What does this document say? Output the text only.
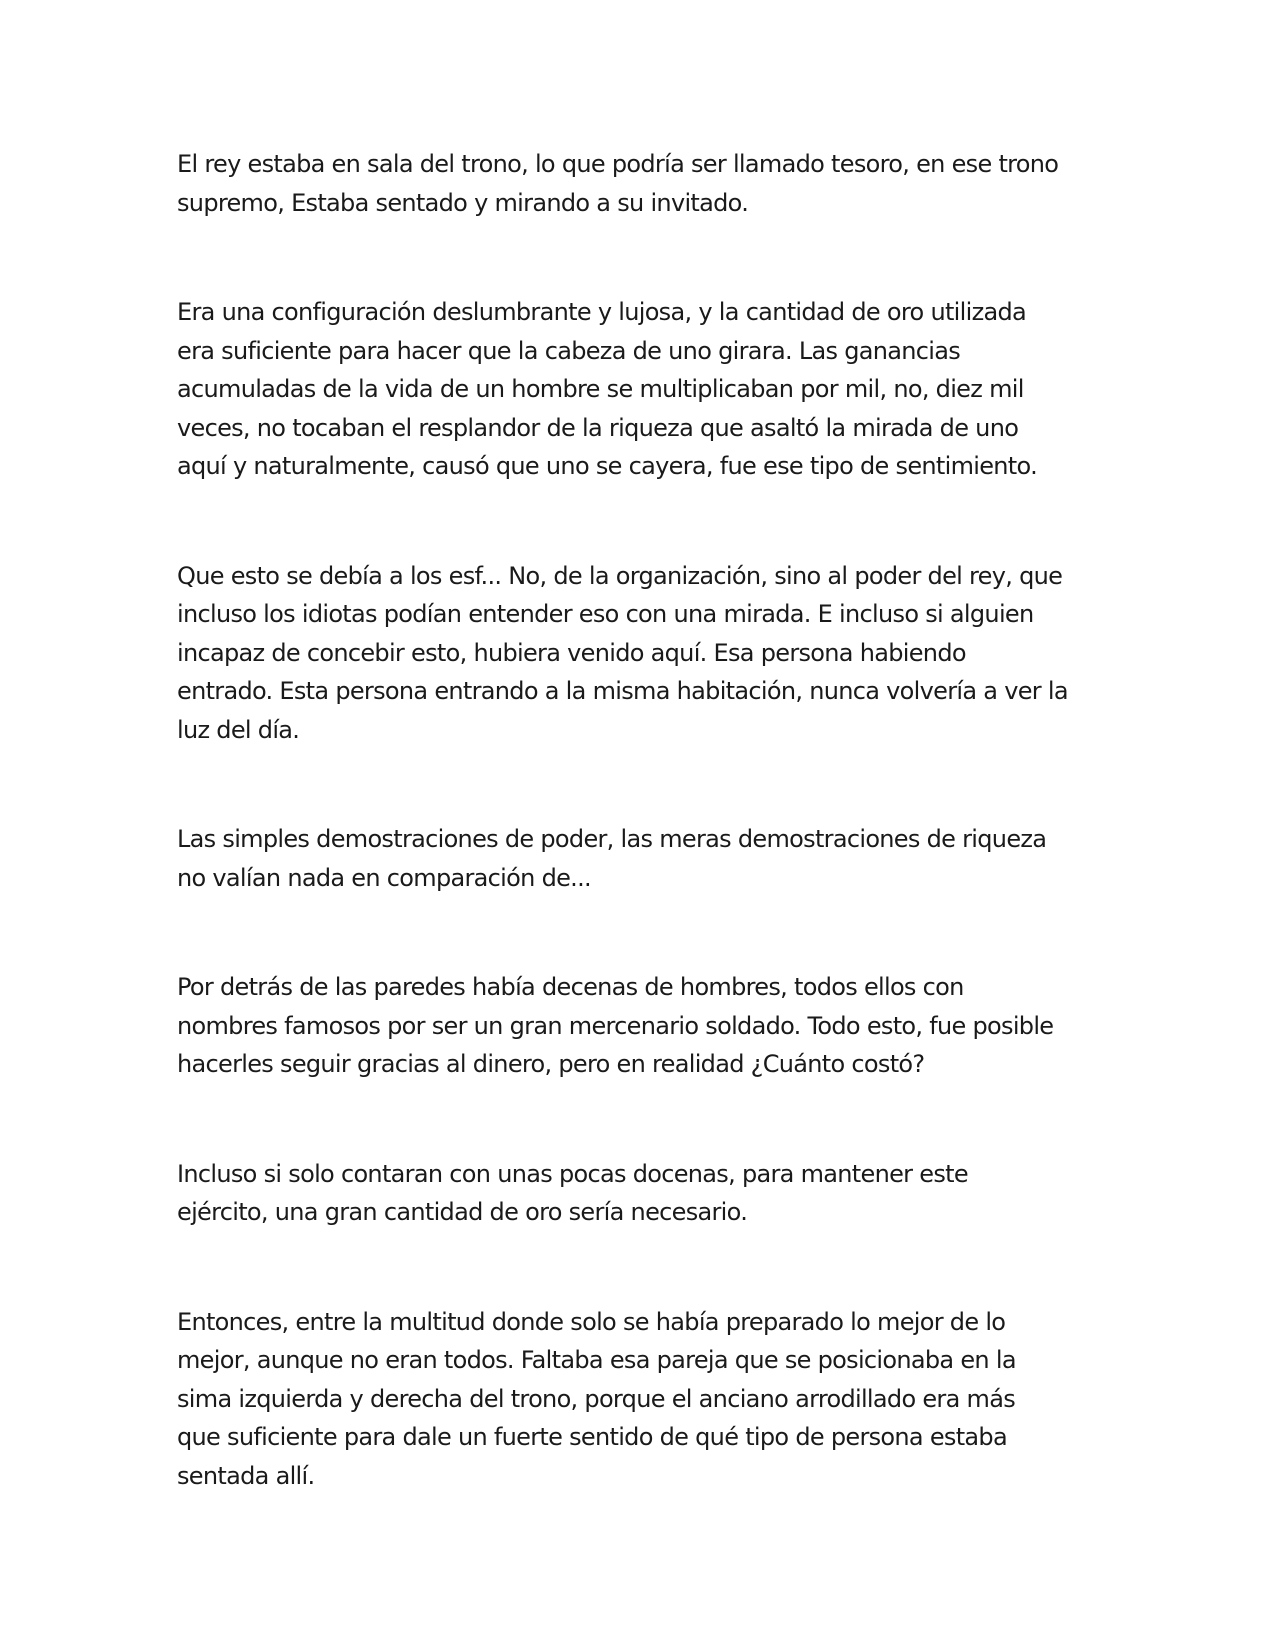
El rey estaba en sala del trono, lo que podría ser llamado tesoro, en ese trono
supremo, Estaba sentado y mirando a su invitado.

Era una configuración deslumbrante y lujosa, y la cantidad de oro utilizada
era suficiente para hacer que la cabeza de uno girara. Las ganancias
acumuladas de la vida de un hombre se multiplicaban por mil, no, diez mil
veces, no tocaban el resplandor de la riqueza que asaltó la mirada de uno
aquí y naturalmente, causó que uno se cayera, fue ese tipo de sentimiento.

Que esto se debía a los esf... No, de la organización, sino al poder del rey, que
incluso los idiotas podían entender eso con una mirada. E incluso si alguien
incapaz de concebir esto, hubiera venido aquí. Esa persona habiendo
entrado. Esta persona entrando a la misma habitación, nunca volvería a ver la
luz del día.

Las simples demostraciones de poder, las meras demostraciones de riqueza
no valían nada en comparación de...

Por detrás de las paredes había decenas de hombres, todos ellos con
nombres famosos por ser un gran mercenario soldado. Todo esto, fue posible
hacerles seguir gracias al dinero, pero en realidad ¿Cuánto costó?

Incluso si solo contaran con unas pocas docenas, para mantener este
ejército, una gran cantidad de oro sería necesario.

Entonces, entre la multitud donde solo se había preparado lo mejor de lo
mejor, aunque no eran todos. Faltaba esa pareja que se posicionaba en la
sima izquierda y derecha del trono, porque el anciano arrodillado era más
que suficiente para dale un fuerte sentido de qué tipo de persona estaba
sentada allí.
